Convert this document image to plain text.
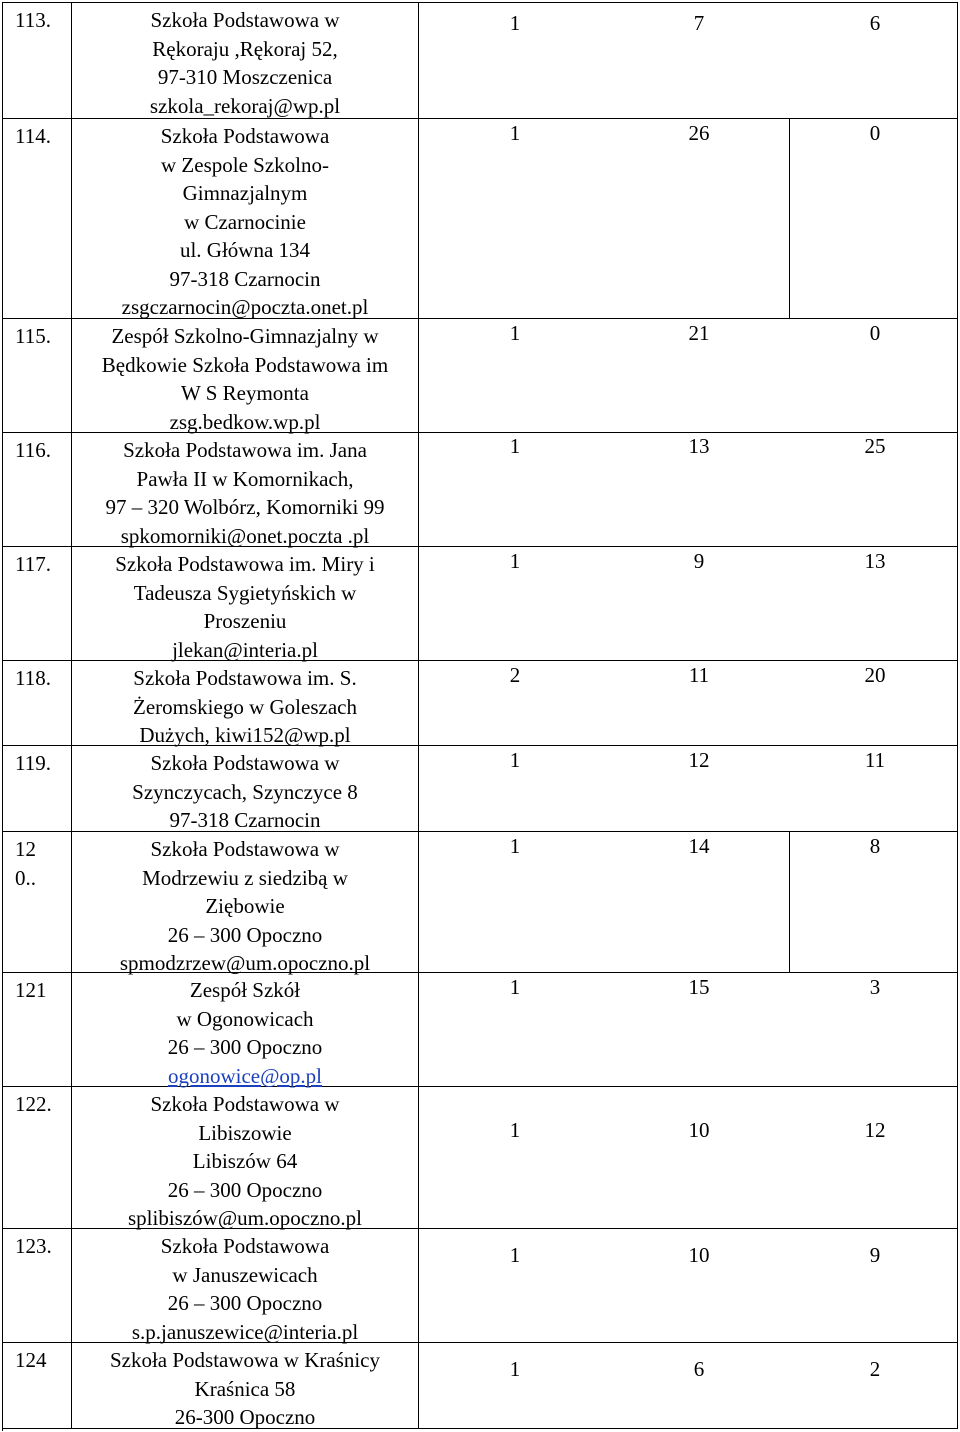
113.	Szkoła Podstawowa w
Rękoraju ,Rękoraj 52,
97-310 Moszczenica
szkola_rekoraj@wp.pl
1	7	6
114.	Szkoła Podstawowa
w Zespole Szkolno-
Gimnazjalnym
w Czarnocinie
ul. Główna 134
97-318 Czarnocin
zsgczarnocin@poczta.onet.pl
1	26	0
115.	Zespół Szkolno-Gimnazjalny w
Będkowie Szkoła Podstawowa im
W S Reymonta
zsg.bedkow.wp.pl
1	21	0
116.	Szkoła Podstawowa im. Jana
Pawła II w Komornikach,
97 – 320 Wolbórz, Komorniki 99
spkomorniki@onet.poczta .pl
1	13	25
117.	Szkoła Podstawowa im. Miry i
Tadeusza Sygietyńskich w
Proszeniu
jlekan@interia.pl
1	9	13
118.	Szkoła Podstawowa im. S.
Żeromskiego w Goleszach
Dużych, kiwi152@wp.pl
2	11	20
119.	Szkoła Podstawowa w
Szynczycach, Szynczyce 8
97-318 Czarnocin
1	12	11
120..
Szkoła Podstawowa w
Modrzewiu z siedzibą w
Ziębowie
26 – 300 Opoczno
spmodzrzew@um.opoczno.pl
1	14	8
121	Zespół Szkół
w Ogonowicach
26 – 300 Opoczno
ogonowice@op.pl
1	15	3
122.	Szkoła Podstawowa w
Libiszowie
Libiszów 64
26 – 300 Opoczno
splibiszów@um.opoczno.pl
1	10	12
123.	Szkoła Podstawowa
w Januszewicach
26 – 300 Opoczno
s.p.januszewice@interia.pl
1	10	9
124	Szkoła Podstawowa w Kraśnicy
Kraśnica 58
26-300 Opoczno
1	6	2
